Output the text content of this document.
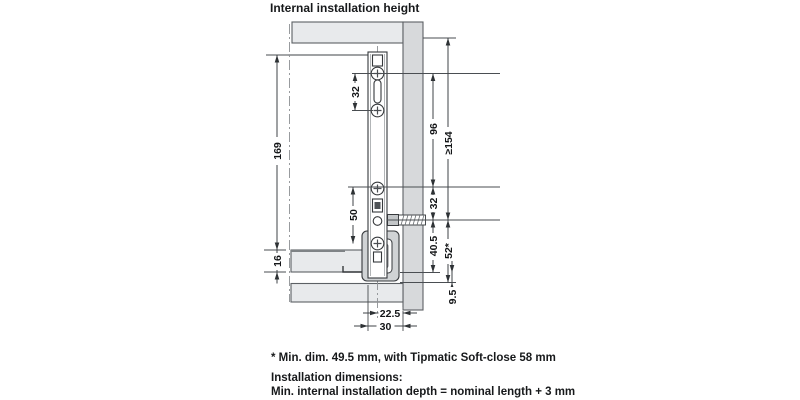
Internal installation height
169
16
32
50
96
≥154
32
40.5 52*
9.5
22.5
30
* Min. dim. 49.5 mm, with Tipmatic Soft-close 58 mm
Installation dimensions:
Min. internal installation depth = nominal length + 3 mm
